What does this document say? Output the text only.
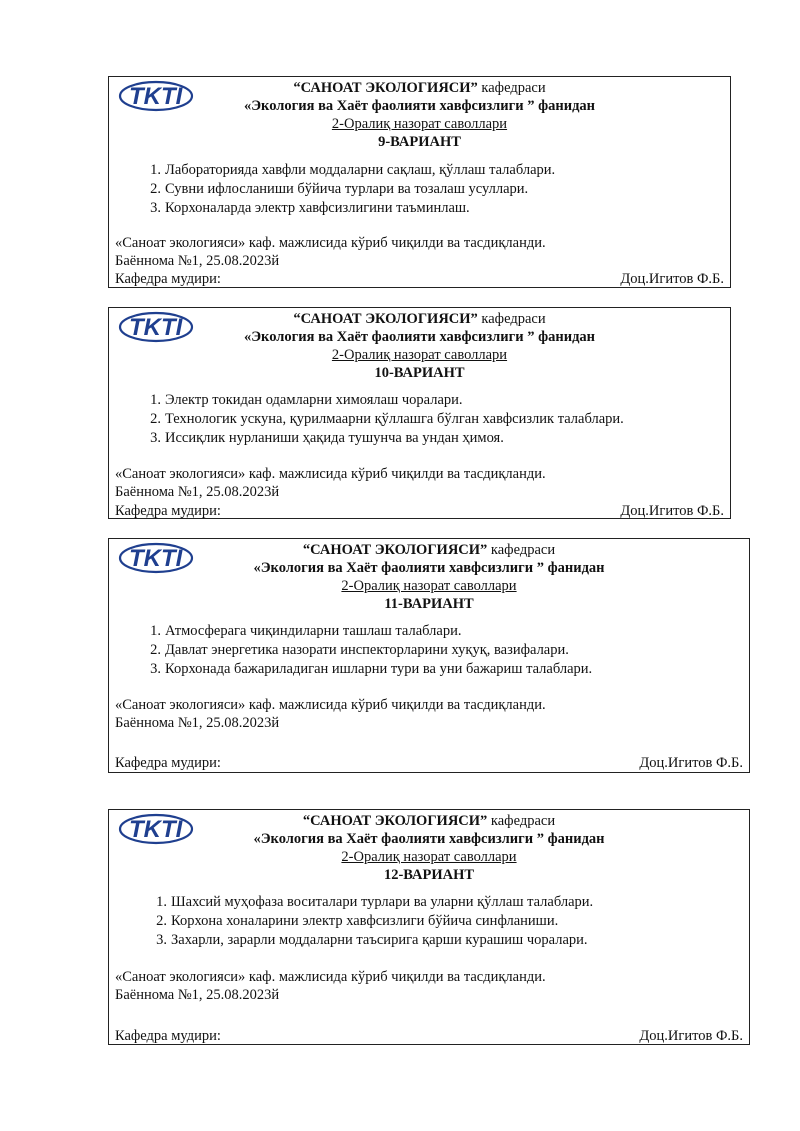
TKTI	“САНОАТ ЭКОЛОГИЯСИ” кафедраси
«Экология ва Хаёт фаолияти хавфсизлиги ” фанидан
2-Оралиқ назорат саволлари
9-ВАРИАНТ
1. Лабораторияда хавфли моддаларни сақлаш, қўллаш талаблари.
2. Сувни ифлосланиши бўйича турлари ва тозалаш усуллари.
3. Корхоналарда электр хавфсизлигини таъминлаш.
«Саноат экологияси» каф. мажлисида кўриб чиқилди ва тасдиқланди.
Баённома №1, 25.08.2023й
Кафедра мудири:	Доц.Игитов Ф.Б.
TKTI	“САНОАТ ЭКОЛОГИЯСИ” кафедраси
«Экология ва Хаёт фаолияти хавфсизлиги ” фанидан
2-Оралиқ назорат саволлари
10-ВАРИАНТ
1. Электр токидан одамларни химоялаш чоралари.
2. Технологик ускуна, қурилмаарни қўллашга бўлган хавфсизлик талаблари.
3. Иссиқлик нурланиши ҳақида тушунча ва ундан ҳимоя.
«Саноат экологияси» каф. мажлисида кўриб чиқилди ва тасдиқланди.
Баённома №1, 25.08.2023й
Кафедра мудири:	Доц.Игитов Ф.Б.
TKTI	“САНОАТ ЭКОЛОГИЯСИ” кафедраси
«Экология ва Хаёт фаолияти хавфсизлиги ” фанидан
2-Оралиқ назорат саволлари
11-ВАРИАНТ
1. Атмосферага чиқиндиларни ташлаш талаблари.
2. Давлат энергетика назорати инспекторларини хуқуқ, вазифалари.
3. Корхонада бажариладиган ишларни тури ва уни бажариш талаблари.
«Саноат экологияси» каф. мажлисида кўриб чиқилди ва тасдиқланди.
Баённома №1, 25.08.2023й
Кафедра мудири:	Доц.Игитов Ф.Б.
TKTI	“САНОАТ ЭКОЛОГИЯСИ” кафедраси
«Экология ва Хаёт фаолияти хавфсизлиги ” фанидан
2-Оралиқ назорат саволлари
12-ВАРИАНТ
1. Шахсий муҳофаза воситалари турлари ва уларни қўллаш талаблари.
2. Корхона хоналарини электр хавфсизлиги бўйича синфланиши.
3. Захарли, зарарли моддаларни таъсирига қарши курашиш чоралари.
«Саноат экологияси» каф. мажлисида кўриб чиқилди ва тасдиқланди.
Баённома №1, 25.08.2023й
Кафедра мудири:	Доц.Игитов Ф.Б.
